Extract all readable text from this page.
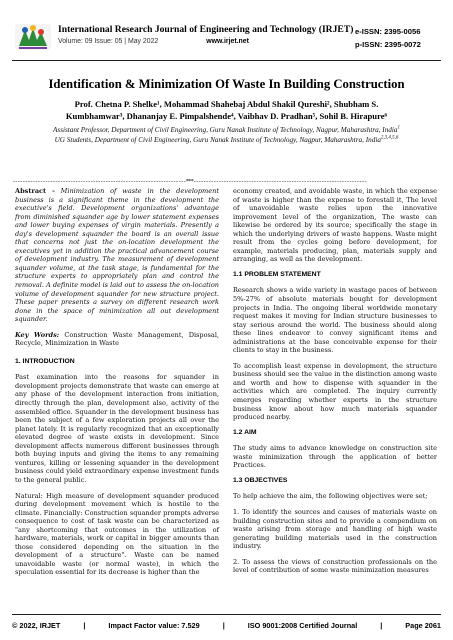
International Research Journal of Engineering and Technology (IRJET)
Volume: 09 Issue: 05 | May 2022	www.irjet.net
e-ISSN: 2395-0056
p-ISSN: 2395-0072
Identification & Minimization Of Waste In Building Construction
Prof. Chetna P. Shelke¹, Mohammad Shahebaj Abdul Shakil Qureshi², Shubham S.
Kumbhamwar³, Dhananjay E. Pimpalshende⁴, Vaibhav D. Pradhan⁵, Sohil B. Hirapure⁶
Assistant Professor, Department of Civil Engineering, Guru Nanak Institute of Technology, Nagpur, Maharashtra, India$^1$
UG Students, Department of Civil Engineering, Guru Nanak Institute of Technology, Nagpur, Maharashtra, India$^{2,3,4,5,6}$
---------------------------------------------------------------------***---------------------------------------------------------------------

Abstract - Minimization of waste in the development business is a significant theme in the development the executive's field. Development organizations' advantage from diminished squander age by lower statement expenses and lower buying expenses of virgin materials. Presently a day's development squander the board is an overall issue that concerns not just the on-location development the executives yet in addition the practical advancement course of development industry. The measurement of development squander volume, at the task stage, is fundamental for the structure experts to appropriately plan and control the removal. A definite model is laid out to assess the on-location volume of development squander for new structure project. These paper presents a survey on different research work done in the space of minimization all out development squander.

Key Words: Construction Waste Management, Disposal, Recycle, Minimization in Waste

1. INTRODUCTION

Past examination into the reasons for squander in development projects demonstrate that waste can emerge at any phase of the development interaction from initiation, directly through the plan, development also, activity of the assembled office. Squander in the development business has been the subject of a few exploration projects all over the planet lately. It is regularly recognized that an exceptionally elevated degree of waste exists in development. Since development affects numerous different businesses through both buying inputs and giving the items to any remaining ventures, killing or lessening squander in the development business could yield extraordinary expense investment funds to the general public.

Natural: High measure of development squander produced during development movement which is hostile to the climate. Financially: Construction squander prompts adverse consequence to cost of task waste can be characterized as "any shortcoming that outcomes in the utilization of hardware, materials, work or capital in bigger amounts than those considered depending on the situation in the development of a structure". Waste can be named unavoidable waste (or normal waste), in which the speculation essential for its decrease is higher than the

economy created, and avoidable waste, in which the expense of waste is higher than the expense to forestall it, The level of unavoidable waste relies upon the innovative improvement level of the organization, The waste can likewise be ordered by its source; specifically the stage in which the underlying drivers of waste happens. Waste might result from the cycles going before development, for example, materials producing, plan, materials supply and arranging, as well as the development.

1.1 PROBLEM STATEMENT

Research shows a wide variety in wastage paces of between 5%-27% of absolute materials bought for development projects in India. The ongoing liberal worldwide monetary request makes it moving for Indian structure businesses to stay serious around the world. The business should along these lines endeavor to convey significant items and administrations at the base conceivable expense for their clients to stay in the business.

To accomplish least expense in development, the structure business should see the value in the distinction among waste and worth and how to dispense with squander in the activities which are completed. The inquiry currently emerges regarding whether experts in the structure business know about how much materials squander produced nearby.

1.2 AIM

The study aims to advance knowledge on construction site waste minimization through the application of better Practices.

1.3 OBJECTIVES

To help achieve the aim, the following objectives were set;

1. To identify the sources and causes of materials waste on building construction sites and to provide a compendium on waste arising from storage and handling of high waste generating building materials used in the construction industry.

2. To assess the views of construction professionals on the level of contribution of some waste minimization measures

© 2022, IRJET	|	Impact Factor value: 7.529	|	ISO 9001:2008 Certified Journal	|	Page 2061
